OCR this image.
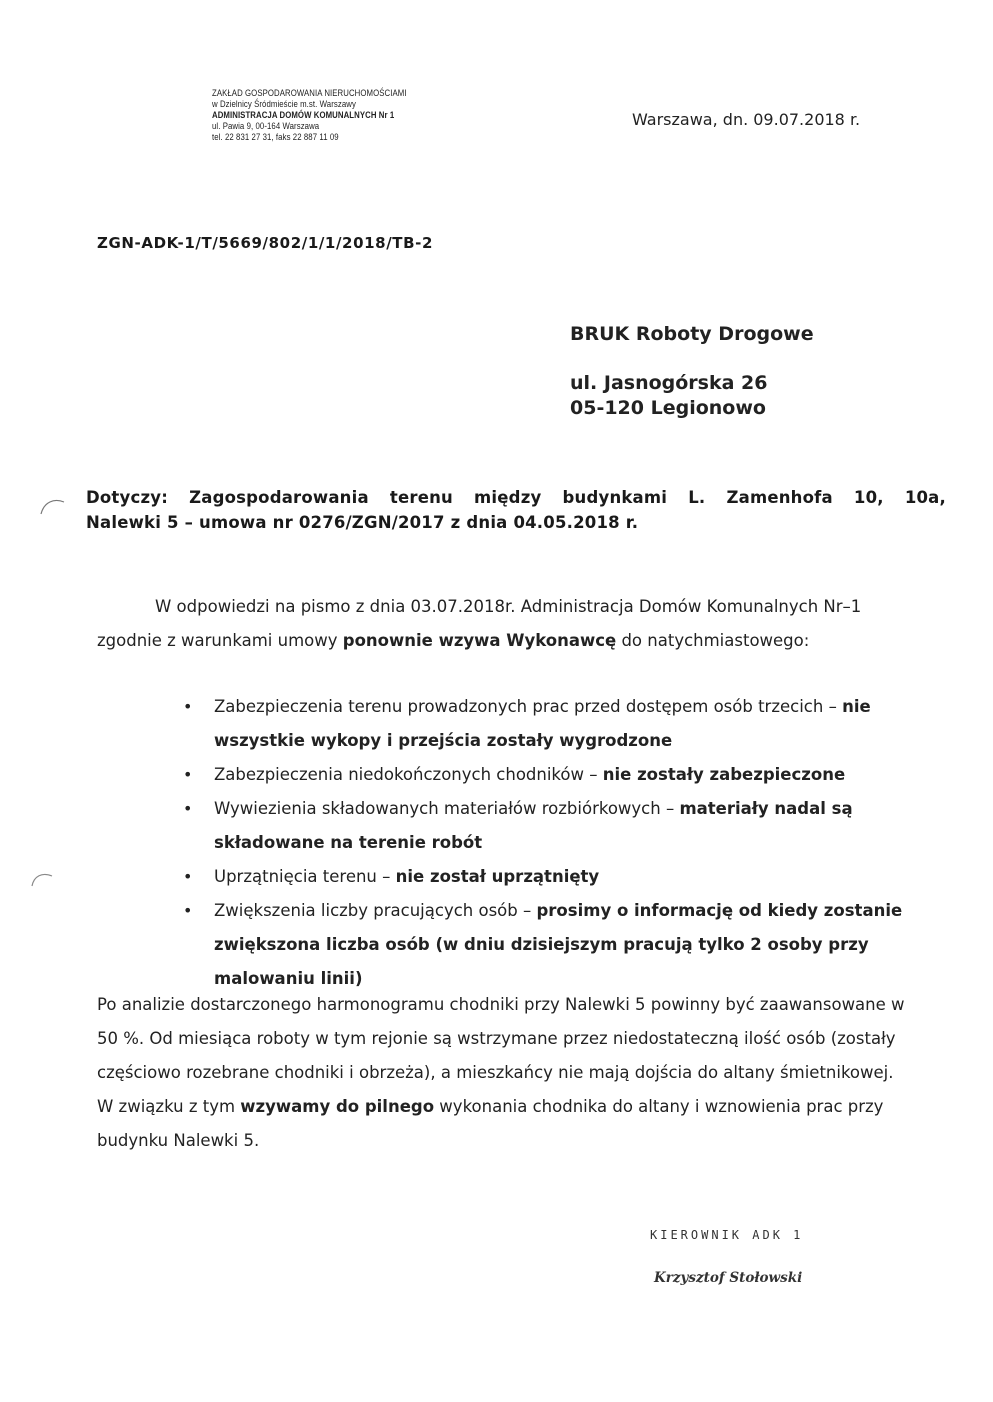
ZAKŁAD GOSPODAROWANIA NIERUCHOMOŚCIAMI
w Dzielnicy Śródmieście m.st. Warszawy
ADMINISTRACJA DOMÓW KOMUNALNYCH Nr 1
ul. Pawia 9, 00-164 Warszawa
tel. 22 831 27 31, faks 22 887 11 09
Warszawa, dn. 09.07.2018 r.
ZGN-ADK-1/T/5669/802/1/1/2018/TB-2
BRUK Roboty Drogowe
ul. Jasnogórska 26
05-120 Legionowo
Dotyczy: Zagospodarowania terenu między budynkami L. Zamenhofa 10, 10a,
Nalewki 5 – umowa nr 0276/ZGN/2017 z dnia 04.05.2018 r.
W odpowiedzi na pismo z dnia 03.07.2018r. Administracja Domów Komunalnych Nr–1 zgodnie z warunkami umowy ponownie wzywa Wykonawcę do natychmiastowego:
• Zabezpieczenia terenu prowadzonych prac przed dostępem osób trzecich – nie wszystkie wykopy i przejścia zostały wygrodzone
• Zabezpieczenia niedokończonych chodników – nie zostały zabezpieczone
• Wywiezienia składowanych materiałów rozbiórkowych – materiały nadal są składowane na terenie robót
• Uprzątnięcia terenu – nie został uprzątnięty
• Zwiększenia liczby pracujących osób – prosimy o informację od kiedy zostanie zwiększona liczba osób (w dniu dzisiejszym pracują tylko 2 osoby przy malowaniu linii)
Po analizie dostarczonego harmonogramu chodniki przy Nalewki 5 powinny być zaawansowane w 50 %. Od miesiąca roboty w tym rejonie są wstrzymane przez niedostateczną ilość osób (zostały częściowo rozebrane chodniki i obrzeża), a mieszkańcy nie mają dojścia do altany śmietnikowej. W związku z tym wzywamy do pilnego wykonania chodnika do altany i wznowienia prac przy budynku Nalewki 5.
KIEROWNIK ADK 1
Krzysztof Stołowski
